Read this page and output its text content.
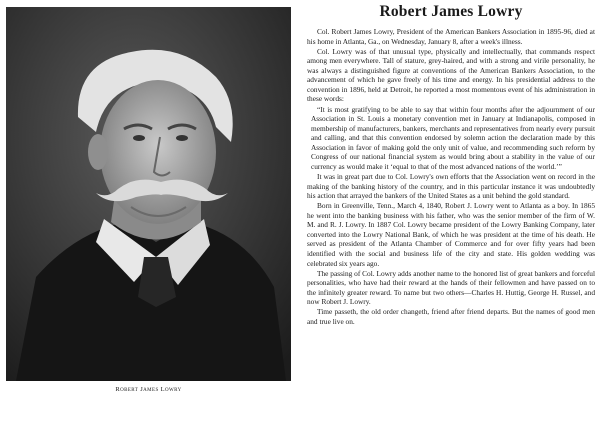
Robert James Lowry
Robert James Lowry

Col. Robert James Lowry, President of the American Bankers Association in 1895-96, died at his home in Atlanta, Ga., on Wednesday, January 8, after a week's illness.

Col. Lowry was of that unusual type, physically and intellectually, that commands respect among men everywhere. Tall of stature, grey-haired, and with a strong and virile personality, he was always a distinguished figure at conventions of the American Bankers Association, to the advancement of which he gave freely of his time and energy. In his presidential address to the convention in 1896, held at Detroit, he reported a most momentous event of his administration in these words:

“It is most gratifying to be able to say that within four months after the adjournment of our Association in St. Louis a monetary convention met in January at Indianapolis, composed in membership of manufacturers, bankers, merchants and representatives from nearly every pursuit and calling, and that this convention endorsed by solemn action the declaration made by this Association in favor of making gold the only unit of value, and recommending such reform by Congress of our national financial system as would bring about a stability in the value of our currency as would make it ‘equal to that of the most advanced nations of the world.’”

It was in great part due to Col. Lowry's own efforts that the Association went on record in the making of the banking history of the country, and in this particular instance it was undoubtedly his action that arrayed the bankers of the United States as a unit behind the gold standard.

Born in Greenville, Tenn., March 4, 1840, Robert J. Lowry went to Atlanta as a boy. In 1865 he went into the banking business with his father, who was the senior member of the firm of W. M. and R. J. Lowry. In 1887 Col. Lowry became president of the Lowry Banking Company, later converted into the Lowry National Bank, of which he was president at the time of his death. He served as president of the Atlanta Chamber of Commerce and for over fifty years had been identified with the social and business life of the city and state. His golden wedding was celebrated six years ago.

The passing of Col. Lowry adds another name to the honored list of great bankers and forceful personalities, who have had their reward at the hands of their fellowmen and have passed on to the infinitely greater reward. To name but two others—Charles H. Huttig, George H. Russel, and now Robert J. Lowry.

Time passeth, the old order changeth, friend after friend departs. But the names of good men and true live on.
